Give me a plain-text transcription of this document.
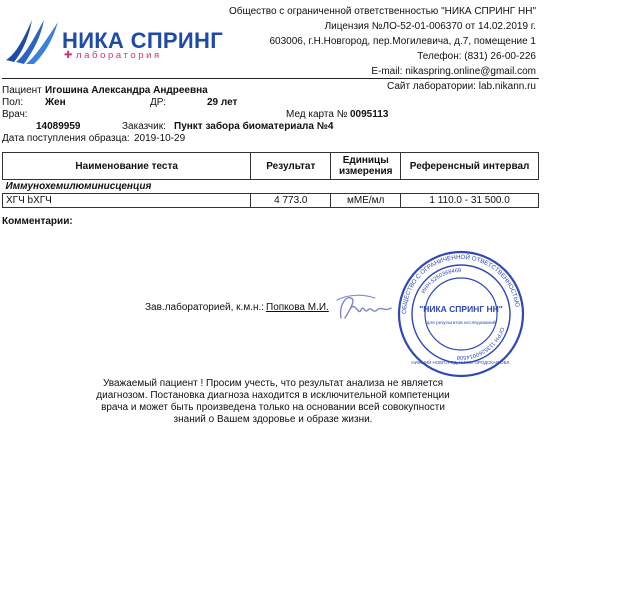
НИКА СПРИНГ
✚ лаборатория
Общество с ограниченной ответственностью "НИКА СПРИНГ НН"
Лицензия №ЛО-52-01-006370 от 14.02.2019 г.
603006, г.Н.Новгород, пер.Могилевича, д.7, помещение 1
Телефон: (831) 26-00-226
E-mail: nikaspring.online@gmail.com
Сайт лаборатории: lab.nikann.ru
Пациент Игошина Александра Андреевна
Пол: Жен	ДР:	29 лет
Врач:	Мед карта № 0095113
14089959	Заказчик: Пункт забора биоматериала №4
Дата поступления образца: 2019-10-29
Наименование теста	Результат	Единицы измерения	Референсный интервал
Иммунохемилюминисценция			
ХГЧ bХГЧ	4 773.0	мМЕ/мл	1 110.0 - 31 500.0
Комментарии:
Зав.лабораторией, к.м.н.: Попкова М.И.	ОБЩЕСТВО С ОГРАНИЧЕННОЙ ОТВЕТСТВЕННОСТЬЮ
ИНН 5260368469
ОГРН 1135260014508
"НИКА СПРИНГ НН"
для результатов исследований
НИЖНИЙ НОВГОРОД, НИЖЕГОРОДСКАЯ ОБЛ.
Уважаемый пациент ! Просим учесть, что результат анализа не является диагнозом. Постановка диагноза находится в исключительной компетенции врача и может быть произведена только на основании всей совокупности знаний о Вашем здоровье и образе жизни.
